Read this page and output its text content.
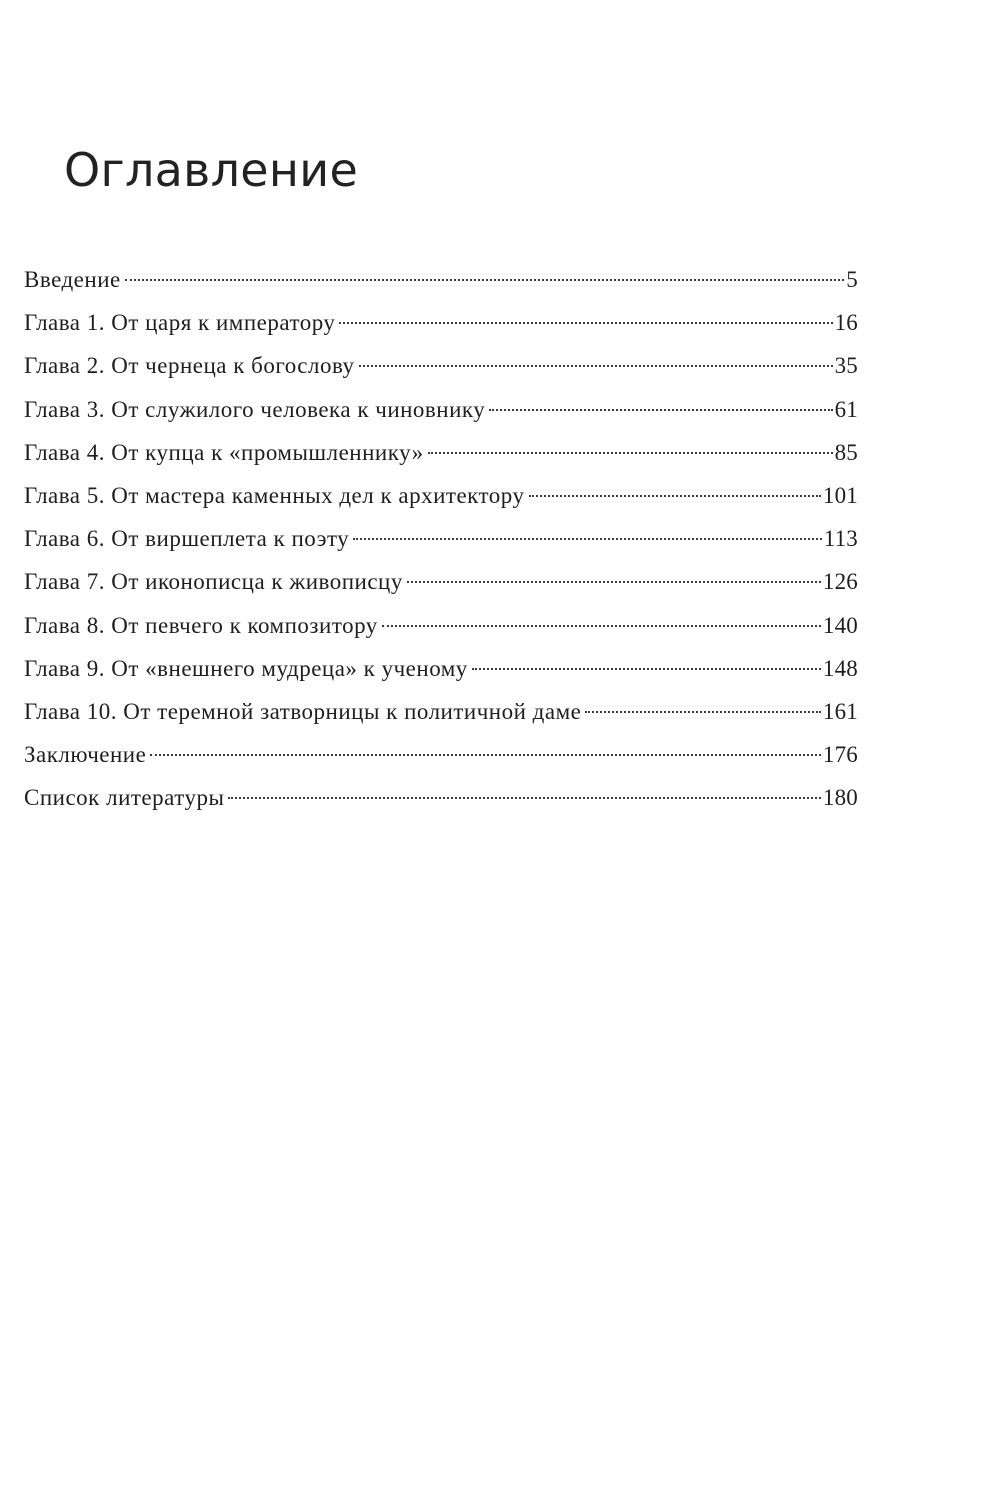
Оглавление
Введение	5
Глава 1. От царя к императору	16
Глава 2. От чернеца к богослову	35
Глава 3. От служилого человека к чиновнику	61
Глава 4. От купца к «промышленнику»	85
Глава 5. От мастера каменных дел к архитектору	101
Глава 6. От виршеплета к поэту	113
Глава 7. От иконописца к живописцу	126
Глава 8. От певчего к композитору	140
Глава 9. От «внешнего мудреца» к ученому	148
Глава 10. От теремной затворницы к политичной даме	161
Заключение	176
Список литературы	180
